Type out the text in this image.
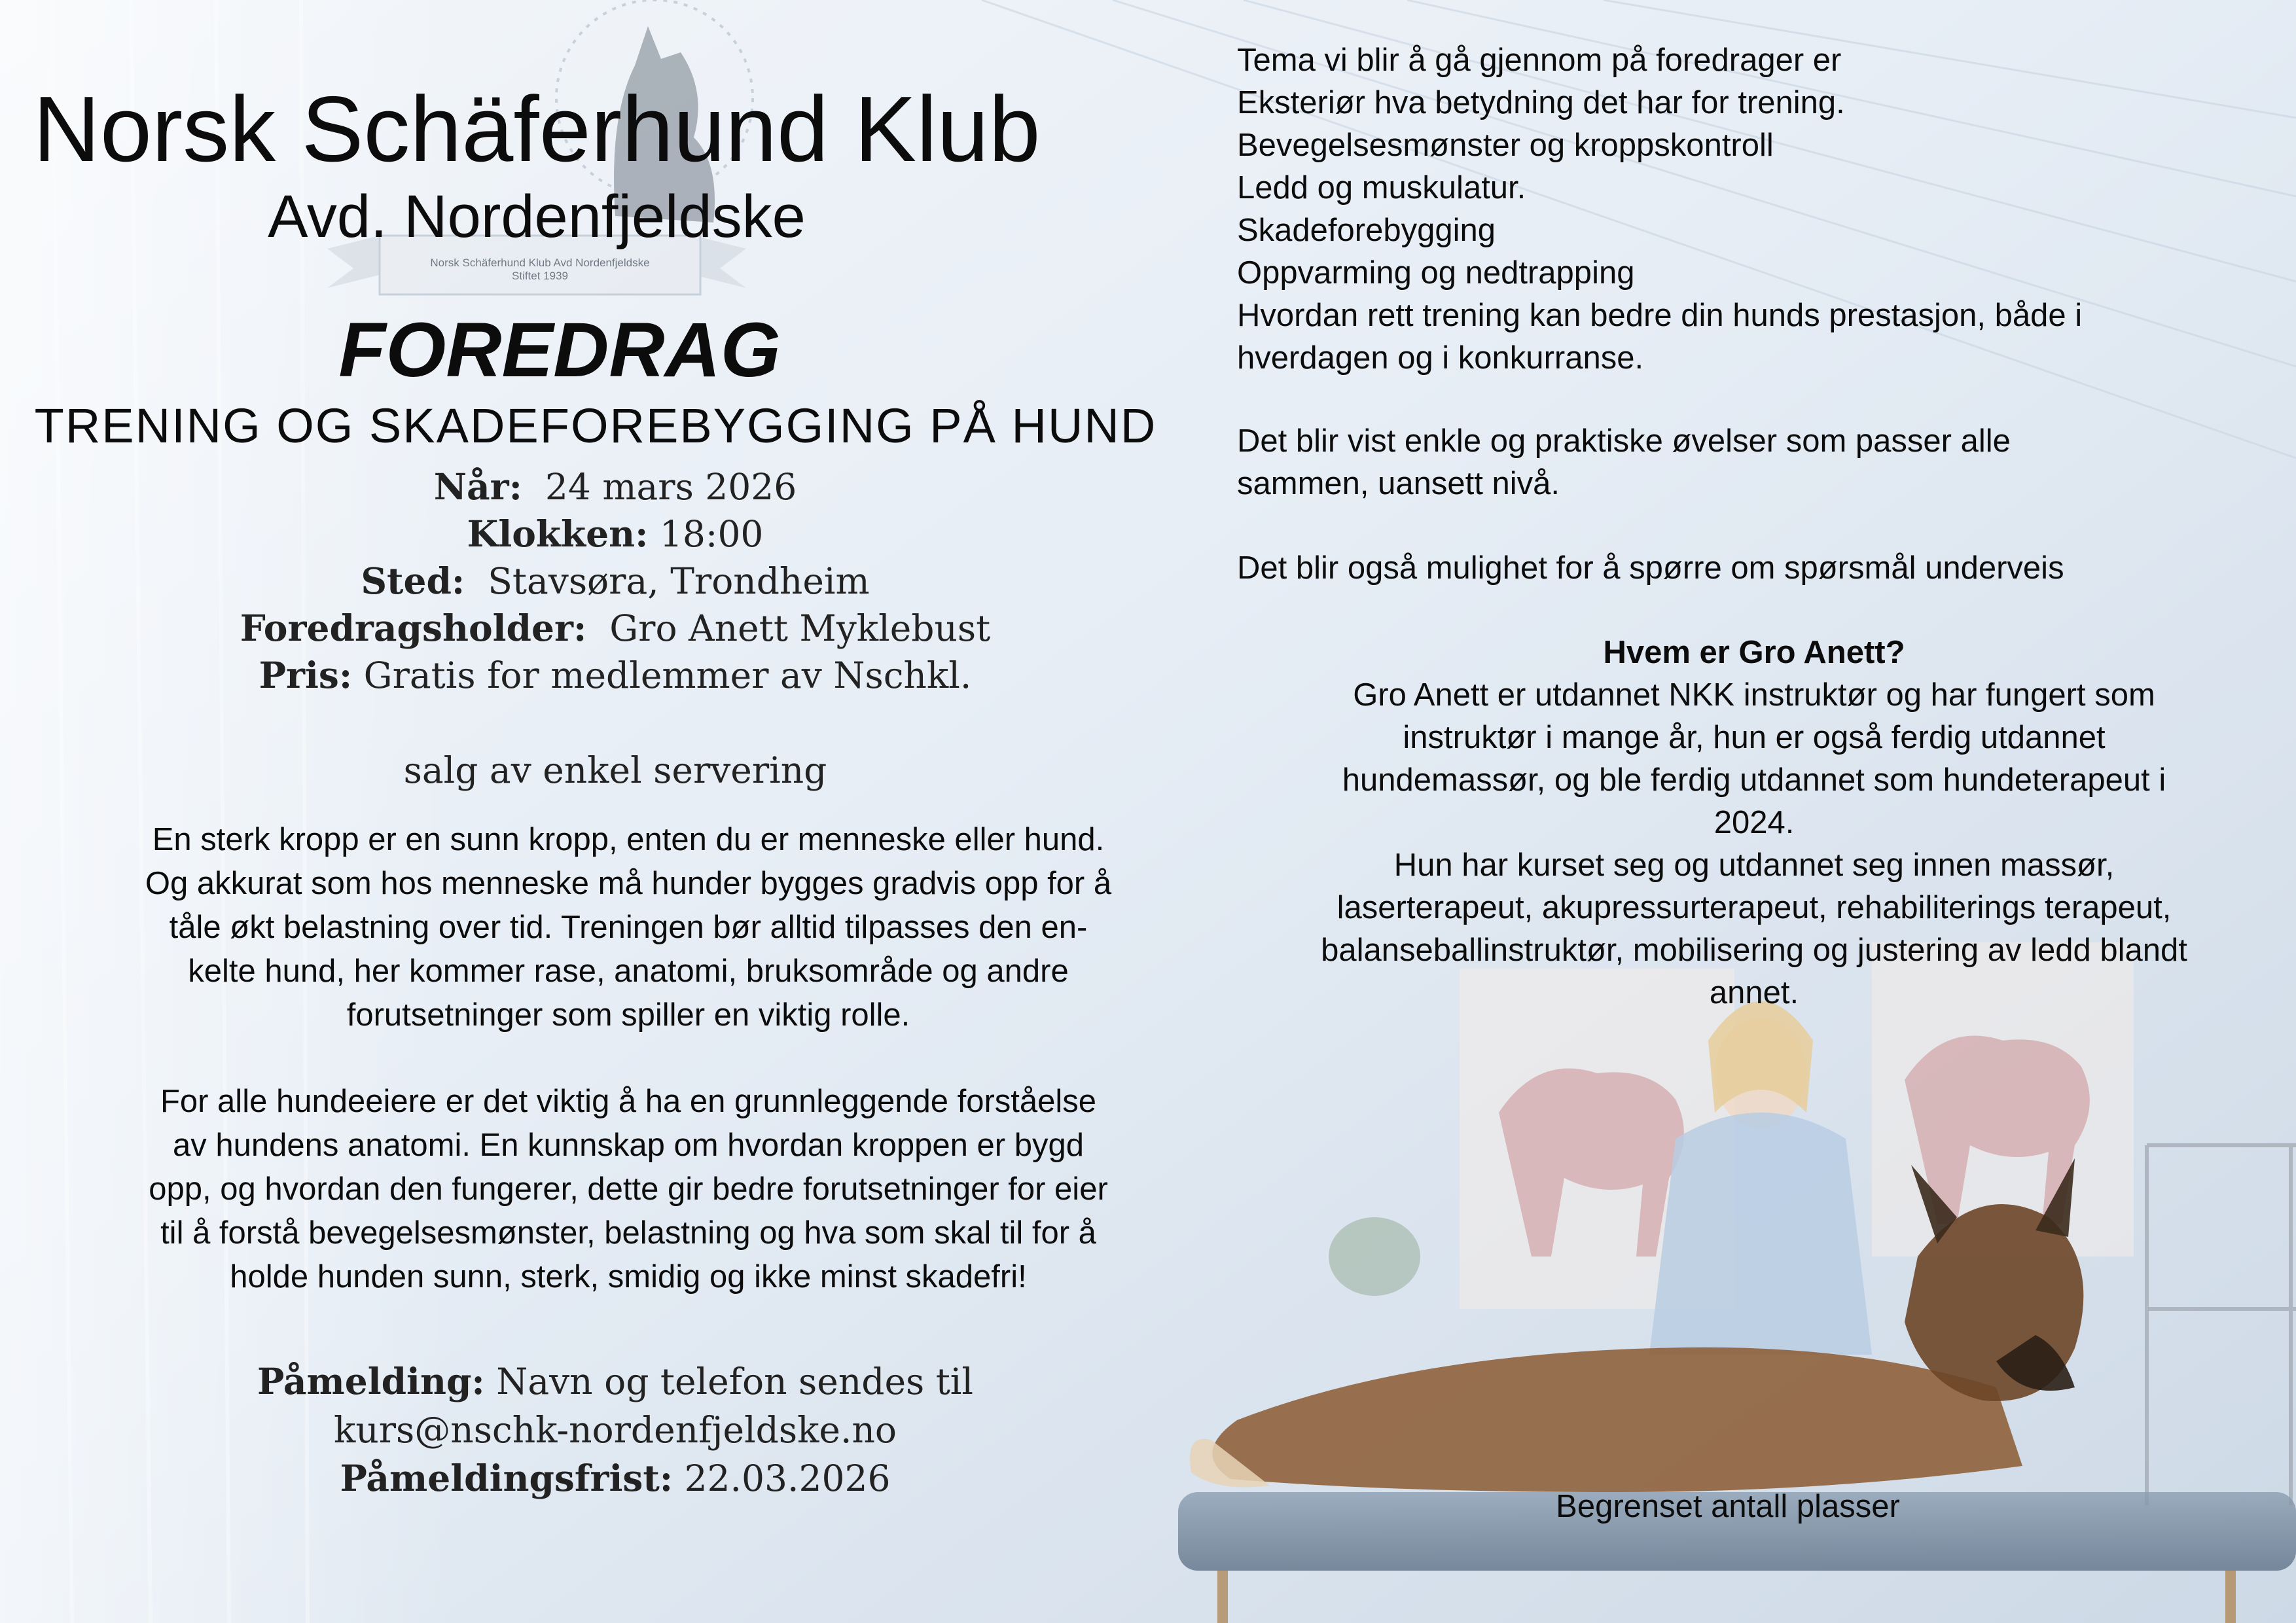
Norsk Schäferhund Klub Avd Nordenfjeldske
Stiftet 1939
Norsk Schäferhund Klub
Avd. Nordenfjeldske
FOREDRAG
TRENING OG SKADEFOREBYGGING PÅ HUND
Når: 24 mars 2026
Klokken: 18:00
Sted: Stavsøra, Trondheim
Foredragsholder: Gro Anett Myklebust
Pris: Gratis for medlemmer av Nschkl.
salg av enkel servering
En sterk kropp er en sunn kropp, enten du er menneske eller hund.
Og akkurat som hos menneske må hunder bygges gradvis opp for å
tåle økt belastning over tid. Treningen bør alltid tilpasses den en-
kelte hund, her kommer rase, anatomi, bruksområde og andre
forutsetninger som spiller en viktig rolle.
For alle hundeeiere er det viktig å ha en grunnleggende forståelse
av hundens anatomi. En kunnskap om hvordan kroppen er bygd
opp, og hvordan den fungerer, dette gir bedre forutsetninger for eier
til å forstå bevegelsesmønster, belastning og hva som skal til for å
holde hunden sunn, sterk, smidig og ikke minst skadefri!
Påmelding: Navn og telefon sendes til
kurs@nschk-nordenfjeldske.no
Påmeldingsfrist: 22.03.2026
Tema vi blir å gå gjennom på foredrager er
Eksteriør hva betydning det har for trening.
Bevegelsesmønster og kroppskontroll
Ledd og muskulatur.
Skadeforebygging
Oppvarming og nedtrapping
Hvordan rett trening kan bedre din hunds prestasjon, både i
hverdagen og i konkurranse.
Det blir vist enkle og praktiske øvelser som passer alle
sammen, uansett nivå.
Det blir også mulighet for å spørre om spørsmål underveis
Hvem er Gro Anett?
Gro Anett er utdannet NKK instruktør og har fungert som
instruktør i mange år, hun er også ferdig utdannet
hundemassør, og ble ferdig utdannet som hundeterapeut i
2024.
Hun har kurset seg og utdannet seg innen massør,
laserterapeut, akupressurterapeut, rehabiliterings terapeut,
balanseballinstruktør, mobilisering og justering av ledd blandt
annet.
Begrenset antall plasser
